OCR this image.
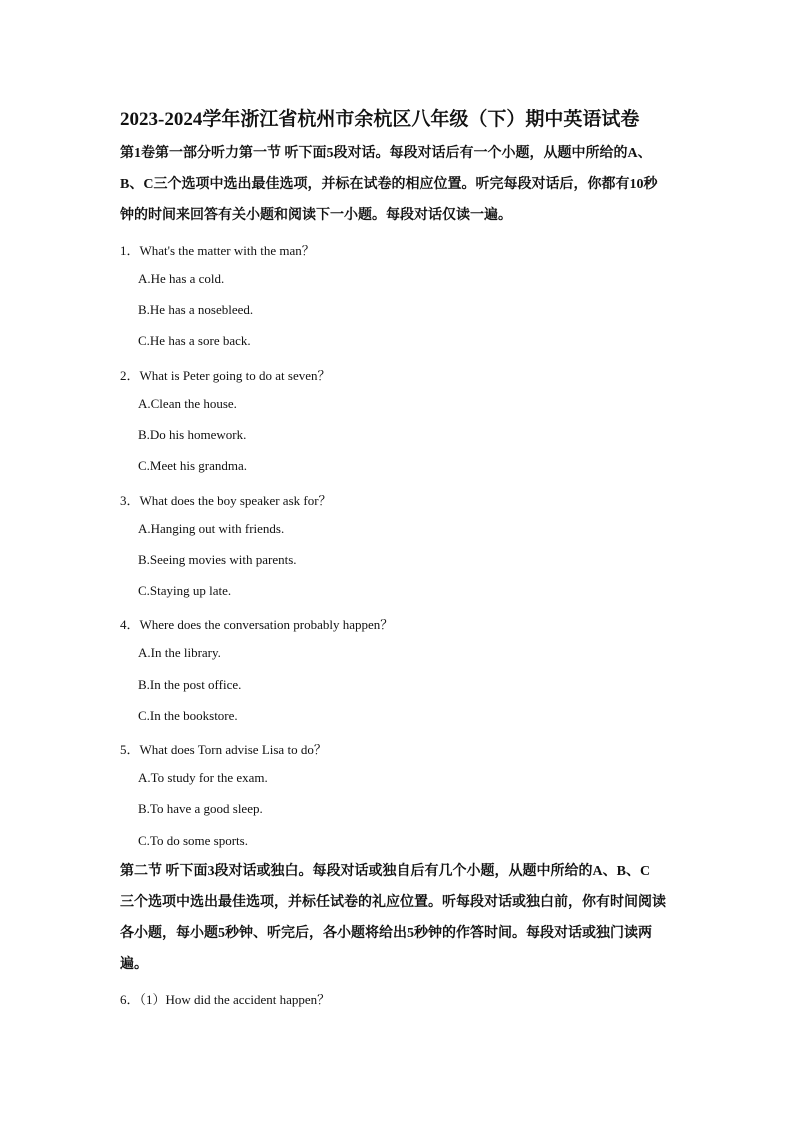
2023-2024学年浙江省杭州市余杭区八年级（下）期中英语试卷

第1卷第一部分听力第一节 听下面5段对话。每段对话后有一个小题，从题中所给的A、

B、C三个选项中选出最佳选项，并标在试卷的相应位置。听完每段对话后，你都有10秒

钟的时间来回答有关小题和阅读下一小题。每段对话仅读一遍。

1．What's the matter with the man？
A.He has a cold.
B.He has a nosebleed.
C.He has a sore back.
2．What is Peter going to do at seven？
A.Clean the house.
B.Do his homework.
C.Meet his grandma.
3．What does the boy speaker ask for？
A.Hanging out with friends.
B.Seeing movies with parents.
C.Staying up late.
4．Where does the conversation probably happen？
A.In the library.
B.In the post office.
C.In the bookstore.
5．What does Torn advise Lisa to do？
A.To study for the exam.
B.To have a good sleep.
C.To do some sports.

第二节 听下面3段对话或独白。每段对话或独自后有几个小题，从题中所给的A、B、C

三个选项中选出最佳选项，并标任试卷的礼应位置。听每段对话或独白前，你有时间阅读

各小题，每小题5秒钟、听完后，各小题将给出5秒钟的作答时间。每段对话或独门读两

遍。

6．（1）How did the accident happen？
